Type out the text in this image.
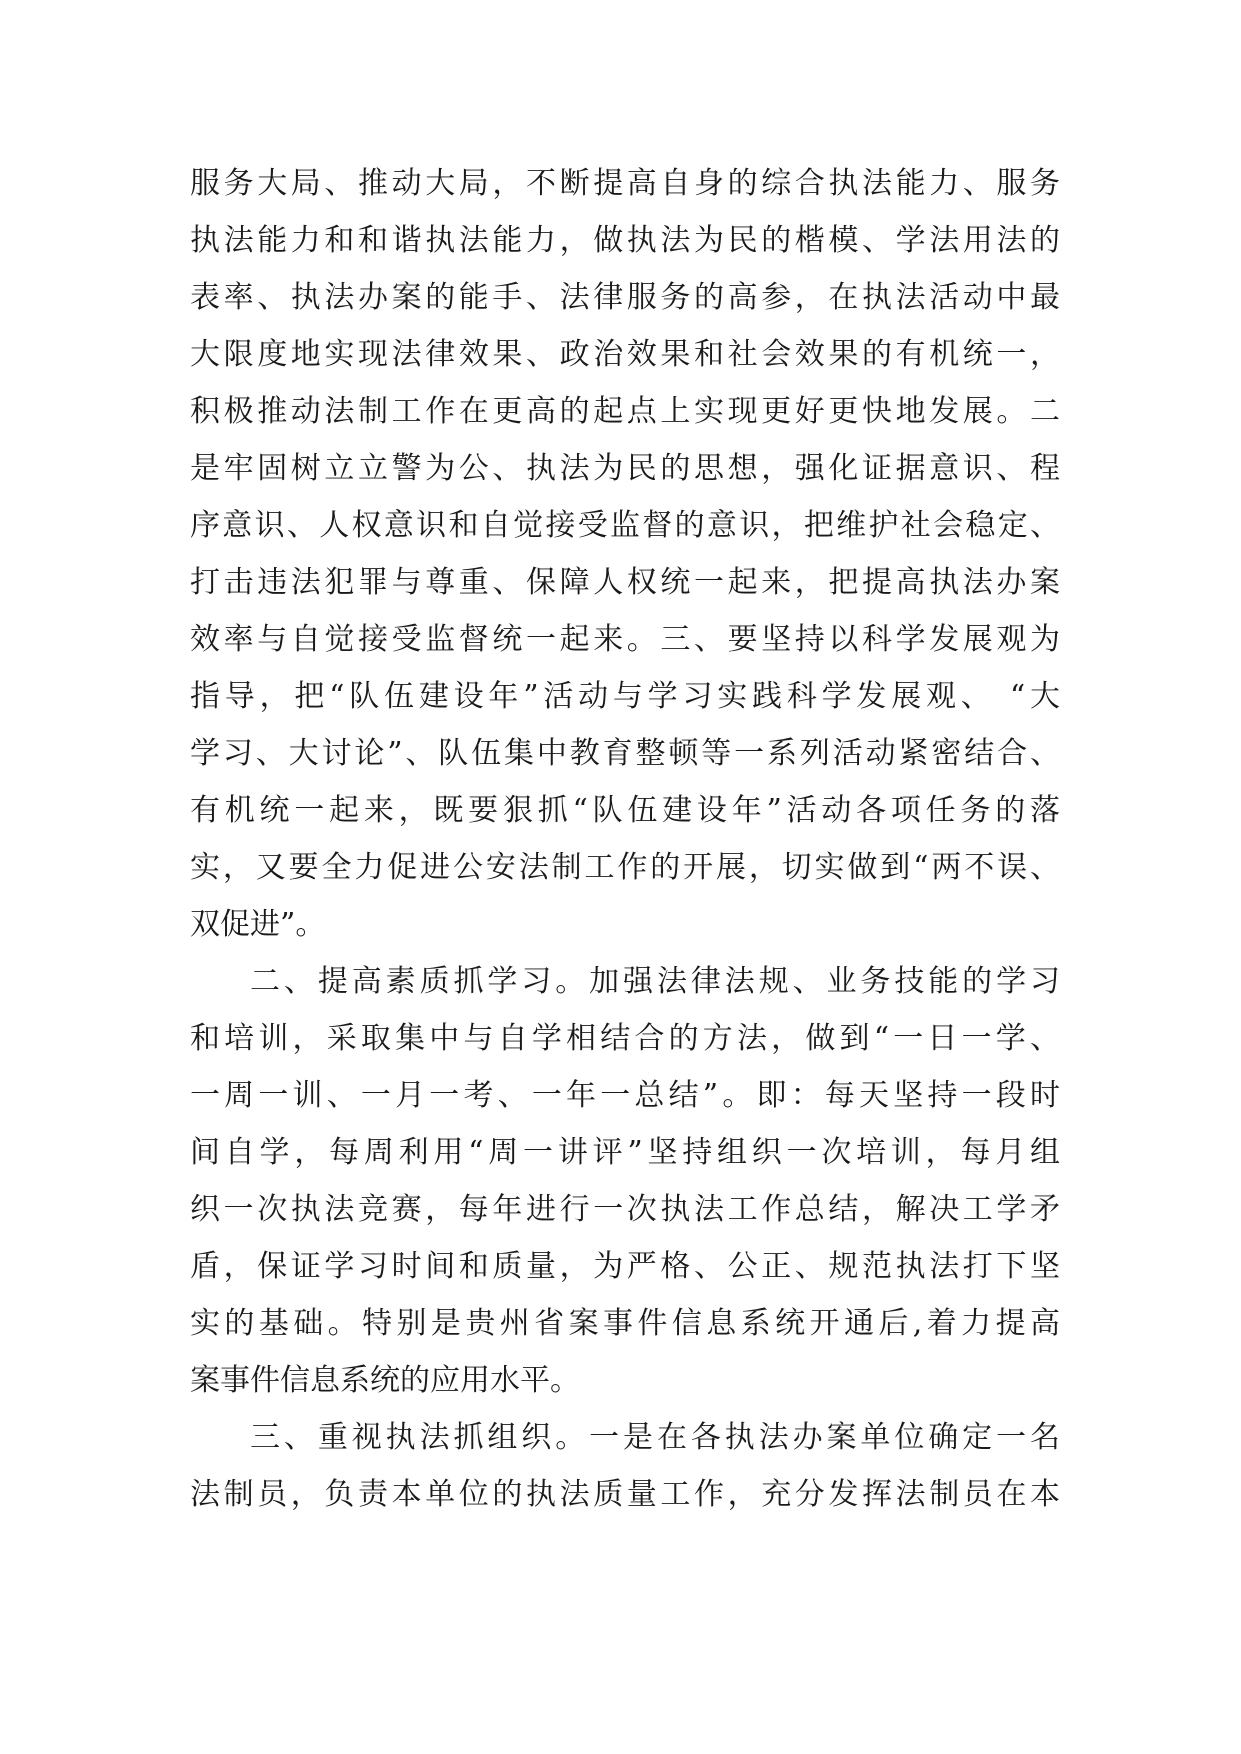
服务大局、推动大局，不断提高自身的综合执法能力、服务
执法能力和和谐执法能力，做执法为民的楷模、学法用法的
表率、执法办案的能手、法律服务的高参，在执法活动中最
大限度地实现法律效果、政治效果和社会效果的有机统一，
积极推动法制工作在更高的起点上实现更好更快地发展。二
是牢固树立立警为公、执法为民的思想，强化证据意识、程
序意识、人权意识和自觉接受监督的意识，把维护社会稳定、
打击违法犯罪与尊重、保障人权统一起来，把提高执法办案
效率与自觉接受监督统一起来。三、要坚持以科学发展观为
指导，把“队伍建设年”活动与学习实践科学发展观、 “大
学习、大讨论”、队伍集中教育整顿等一系列活动紧密结合、
有机统一起来，既要狠抓“队伍建设年”活动各项任务的落
实，又要全力促进公安法制工作的开展，切实做到“两不误、
双促进”。
二、提高素质抓学习。加强法律法规、业务技能的学习
和培训，采取集中与自学相结合的方法，做到“一日一学、
一周一训、一月一考、一年一总结”。即：每天坚持一段时
间自学，每周利用“周一讲评”坚持组织一次培训，每月组
织一次执法竞赛，每年进行一次执法工作总结，解决工学矛
盾，保证学习时间和质量，为严格、公正、规范执法打下坚
实的基础。特别是贵州省案事件信息系统开通后,着力提高
案事件信息系统的应用水平。
三、重视执法抓组织。一是在各执法办案单位确定一名
法制员，负责本单位的执法质量工作，充分发挥法制员在本
